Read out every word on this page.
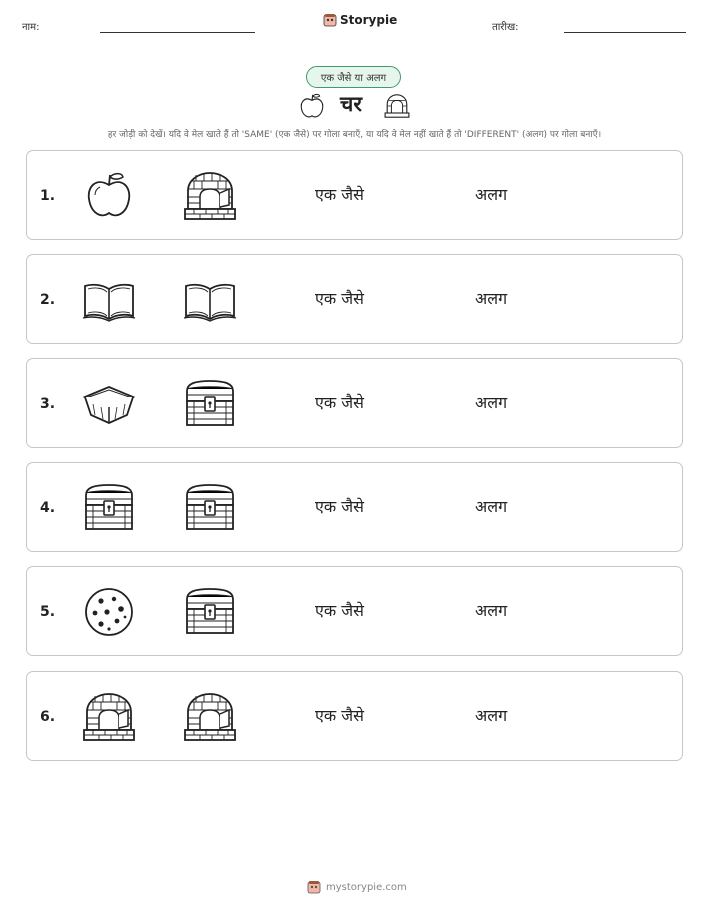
नाम:
Storypie
तारीख:
एक जैसे या अलग
चर
हर जोड़ी को देखें। यदि वे मेल खाते हैं तो 'SAME' (एक जैसे) पर गोला बनाएँ, या यदि वे मेल नहीं खाते हैं तो 'DIFFERENT' (अलग) पर गोला बनाएँ।
1.	एक जैसे	अलग
2.	एक जैसे	अलग
3.	एक जैसे	अलग
4.	एक जैसे	अलग
5.	एक जैसे	अलग
6.	एक जैसे	अलग
mystorypie.com
